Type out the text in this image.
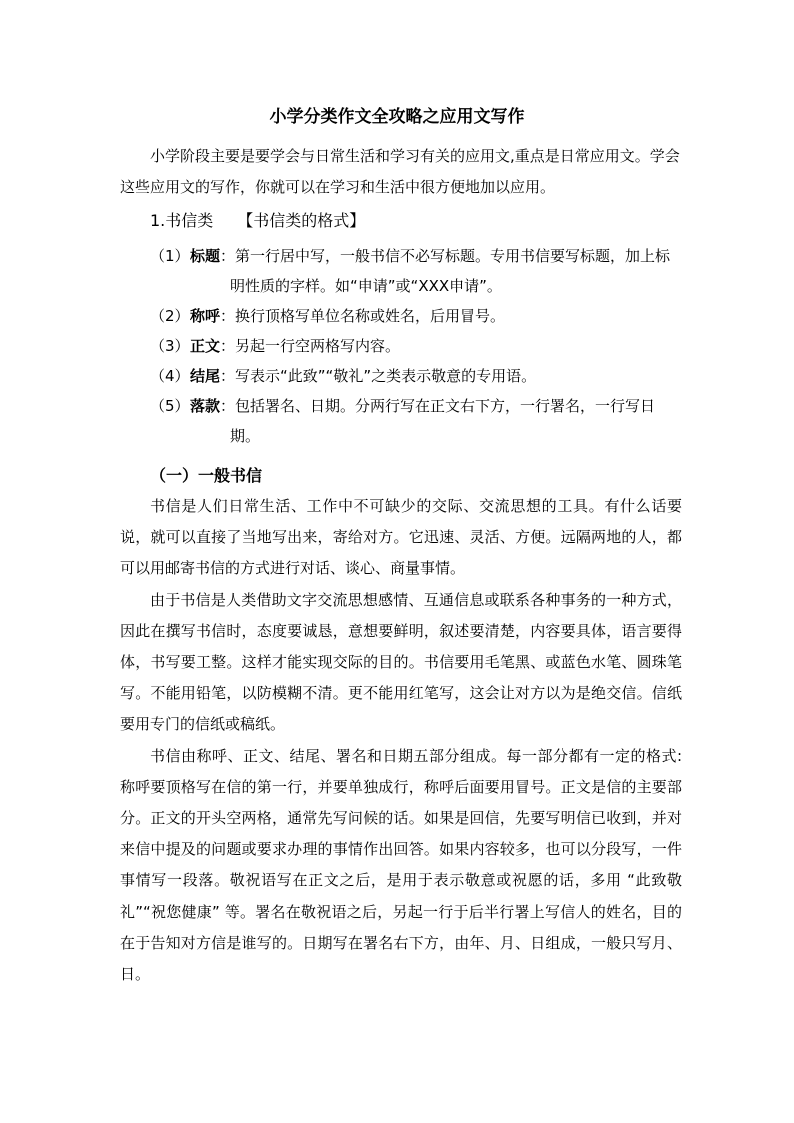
小学分类作文全攻略之应用文写作

小学阶段主要是要学会与日常生活和学习有关的应用文,重点是日常应用文。学会这些应用文的写作，你就可以在学习和生活中很方便地加以应用。

1.书信类 【书信类的格式】
（1）标题：第一行居中写，一般书信不必写标题。专用书信要写标题，加上标明性质的字样。如“申请”或“XXX申请”。
（2）称呼：换行顶格写单位名称或姓名，后用冒号。
（3）正文：另起一行空两格写内容。
（4）结尾：写表示“此致”“敬礼”之类表示敬意的专用语。
（5）落款：包括署名、日期。分两行写在正文右下方，一行署名，一行写日期。
（一）一般书信

书信是人们日常生活、工作中不可缺少的交际、交流思想的工具。有什么话要说，就可以直接了当地写出来，寄给对方。它迅速、灵活、方便。远隔两地的人，都可以用邮寄书信的方式进行对话、谈心、商量事情。

由于书信是人类借助文字交流思想感情、互通信息或联系各种事务的一种方式，因此在撰写书信时，态度要诚恳，意想要鲜明，叙述要清楚，内容要具体，语言要得体，书写要工整。这样才能实现交际的目的。书信要用毛笔黑、或蓝色水笔、圆珠笔写。不能用铅笔，以防模糊不清。更不能用红笔写，这会让对方以为是绝交信。信纸要用专门的信纸或稿纸。

书信由称呼、正文、结尾、署名和日期五部分组成。每一部分都有一定的格式: 称呼要顶格写在信的第一行，并要单独成行，称呼后面要用冒号。正文是信的主要部分。正文的开头空两格，通常先写问候的话。如果是回信，先要写明信已收到，并对来信中提及的问题或要求办理的事情作出回答。如果内容较多，也可以分段写，一件事情写一段落。敬祝语写在正文之后，是用于表示敬意或祝愿的话，多用 “此致敬礼”“祝您健康” 等。署名在敬祝语之后，另起一行于后半行署上写信人的姓名，目的在于告知对方信是谁写的。日期写在署名右下方，由年、月、日组成，一般只写月、日。
